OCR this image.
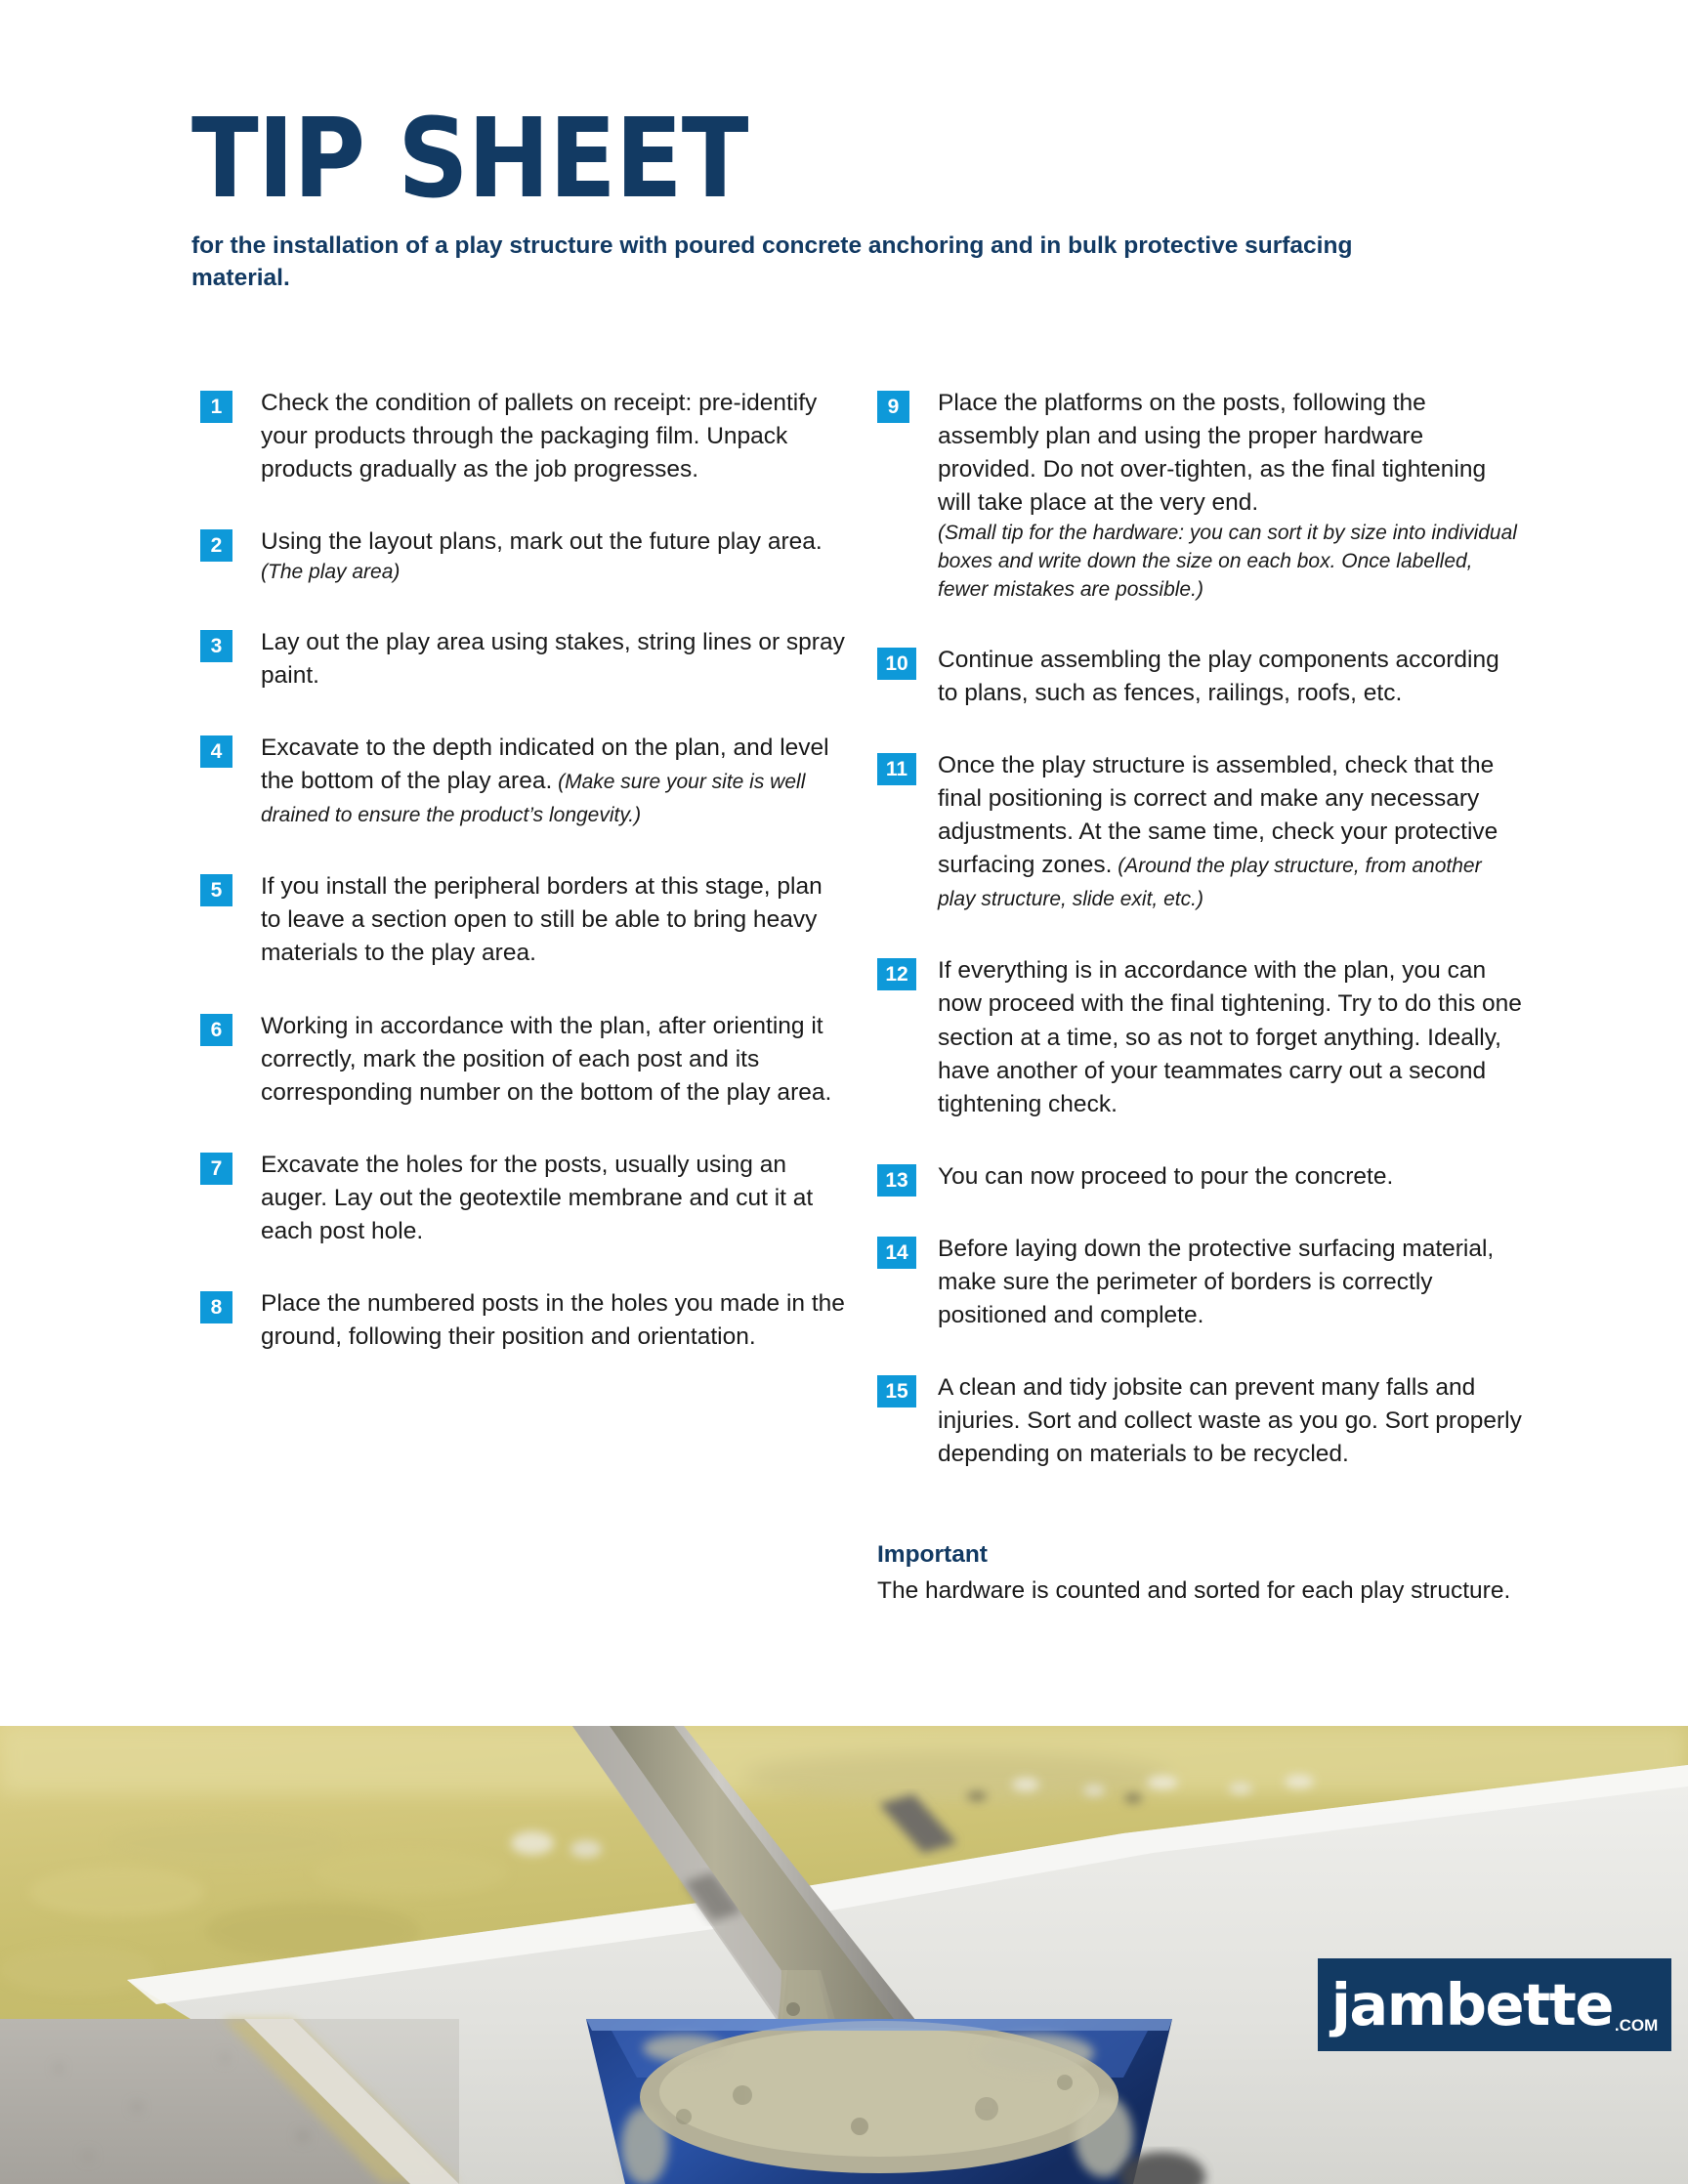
TIP SHEET

for the installation of a play structure with poured concrete anchoring and in bulk protective surfacing material.

1	Check the condition of pallets on receipt: pre-identify your products through the packaging film. Unpack products gradually as the job progresses.
2	Using the layout plans, mark out the future play area.
(The play area)
3	Lay out the play area using stakes, string lines or spray paint.
4	Excavate to the depth indicated on the plan, and level the bottom of the play area. (Make sure your site is well drained to ensure the product’s longevity.)
5	If you install the peripheral borders at this stage, plan to leave a section open to still be able to bring heavy materials to the play area.
6	Working in accordance with the plan, after orienting it correctly, mark the position of each post and its corresponding number on the bottom of the play area.
7	Excavate the holes for the posts, usually using an auger. Lay out the geotextile membrane and cut it at each post hole.
8	Place the numbered posts in the holes you made in the ground, following their position and orientation.
9	Place the platforms on the posts, following the assembly plan and using the proper hardware provided. Do not over-tighten, as the final tightening will take place at the very end.
(Small tip for the hardware: you can sort it by size into individual boxes and write down the size on each box. Once labelled, fewer mistakes are possible.)
10	Continue assembling the play components according to plans, such as fences, railings, roofs, etc.
11	Once the play structure is assembled, check that the final positioning is correct and make any necessary adjustments. At the same time, check your protective surfacing zones. (Around the play structure, from another play structure, slide exit, etc.)
12	If everything is in accordance with the plan, you can now proceed with the final tightening. Try to do this one section at a time, so as not to forget anything. Ideally, have another of your teammates carry out a second tightening check.
13	You can now proceed to pour the concrete.
14	Before laying down the protective surfacing material, make sure the perimeter of borders is correctly positioned and complete.
15	A clean and tidy jobsite can prevent many falls and injuries. Sort and collect waste as you go. Sort properly depending on materials to be recycled.

Important

The hardware is counted and sorted for each play structure.

jambette .COM
